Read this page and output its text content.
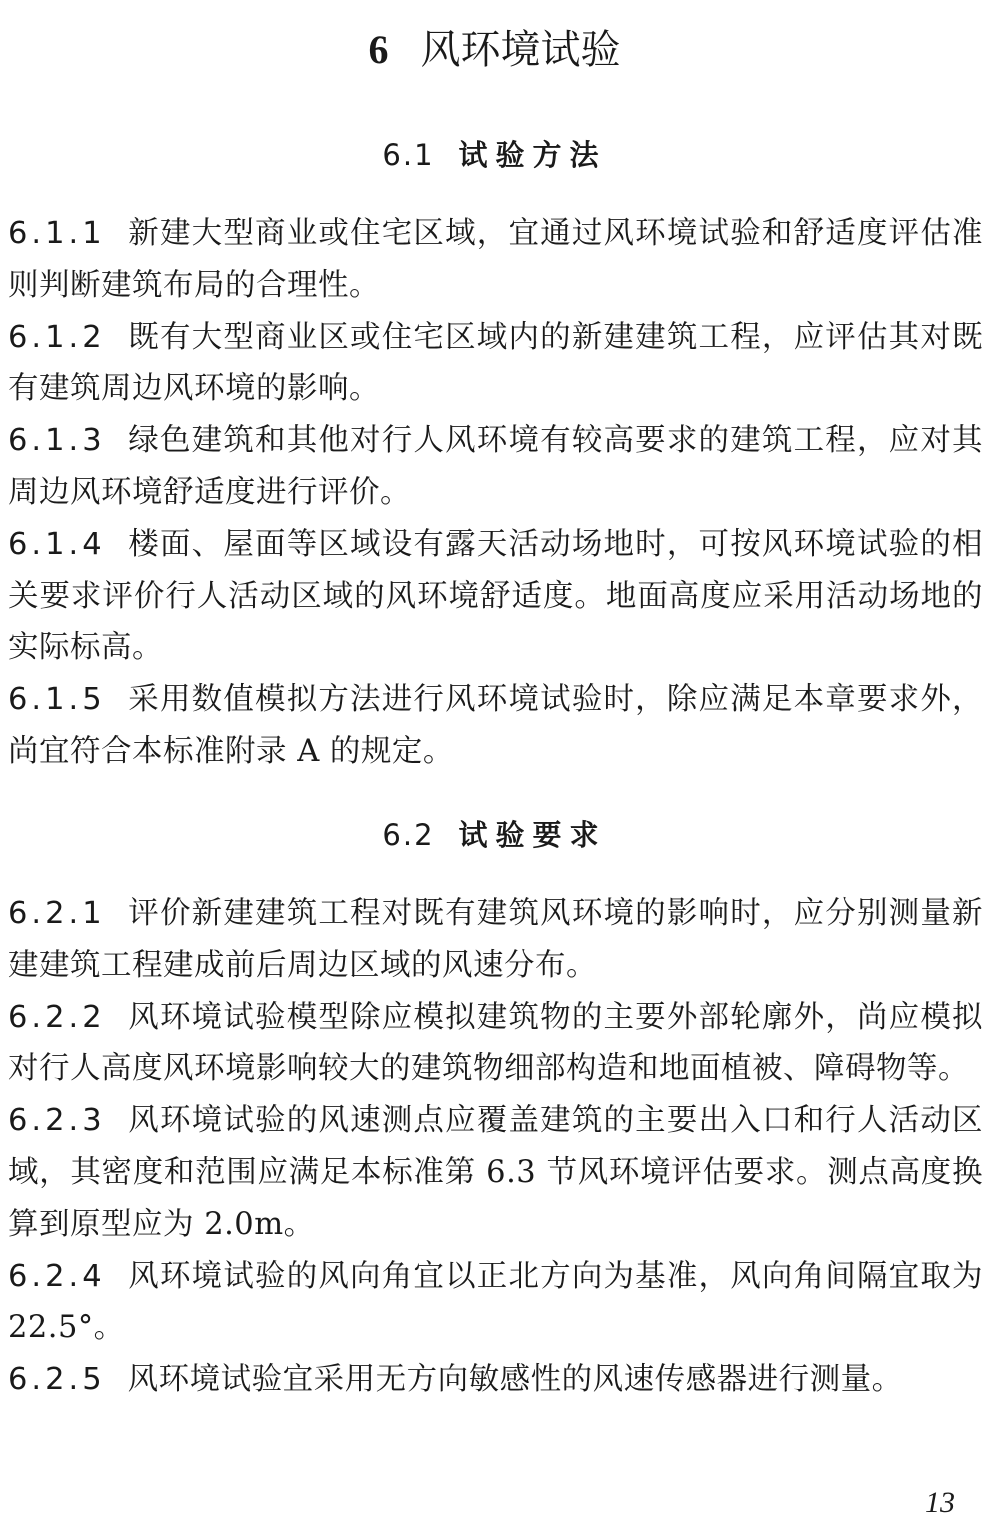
6 风环境试验
6.1 试验方法

6.1.1 新建大型商业或住宅区域，宜通过风环境试验和舒适度评估准则判断建筑布局的合理性。

6.1.2 既有大型商业区或住宅区域内的新建建筑工程，应评估其对既有建筑周边风环境的影响。

6.1.3 绿色建筑和其他对行人风环境有较高要求的建筑工程，应对其周边风环境舒适度进行评价。

6.1.4 楼面、屋面等区域设有露天活动场地时，可按风环境试验的相关要求评价行人活动区域的风环境舒适度。地面高度应采用活动场地的实际标高。

6.1.5 采用数值模拟方法进行风环境试验时，除应满足本章要求外，尚宜符合本标准附录 A 的规定。

6.2 试验要求

6.2.1 评价新建建筑工程对既有建筑风环境的影响时，应分别测量新建建筑工程建成前后周边区域的风速分布。

6.2.2 风环境试验模型除应模拟建筑物的主要外部轮廓外，尚应模拟对行人高度风环境影响较大的建筑物细部构造和地面植被、障碍物等。

6.2.3 风环境试验的风速测点应覆盖建筑的主要出入口和行人活动区域，其密度和范围应满足本标准第 6.3 节风环境评估要求。测点高度换算到原型应为 2.0m。

6.2.4 风环境试验的风向角宜以正北方向为基准，风向角间隔宜取为 22.5°。

6.2.5 风环境试验宜采用无方向敏感性的风速传感器进行测量。

13
